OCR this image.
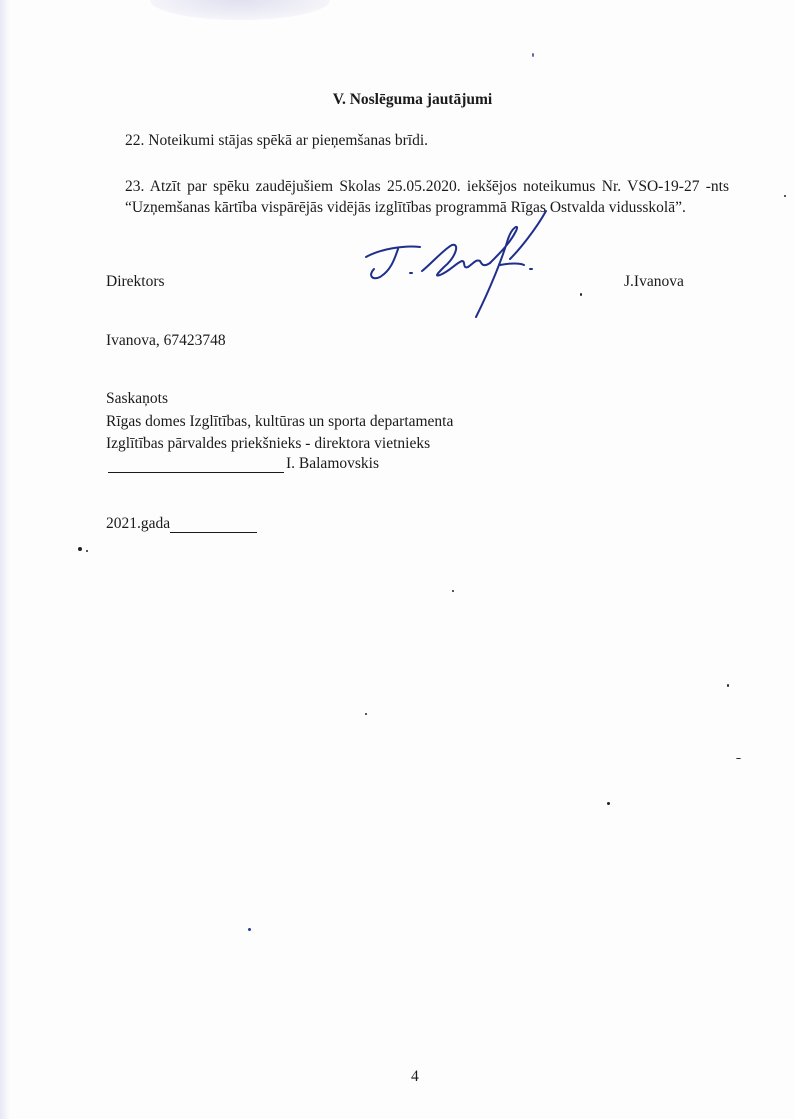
V. Noslēguma jautājumi
22. Noteikumi stājas spēkā ar pieņemšanas brīdi.
23. Atzīt par spēku zaudējušiem Skolas 25.05.2020. iekšējos noteikumus Nr. VSO-19-27 -nts “Uzņemšanas kārtība vispārējās vidējās izglītības programmā Rīgas Ostvalda vidusskolā”.
Direktors	J.Ivanova
Ivanova, 67423748
Saskaņots
Rīgas domes Izglītības, kultūras un sporta departamenta
Izglītības pārvaldes priekšnieks - direktora vietnieks
I. Balamovskis
2021.gada
4
